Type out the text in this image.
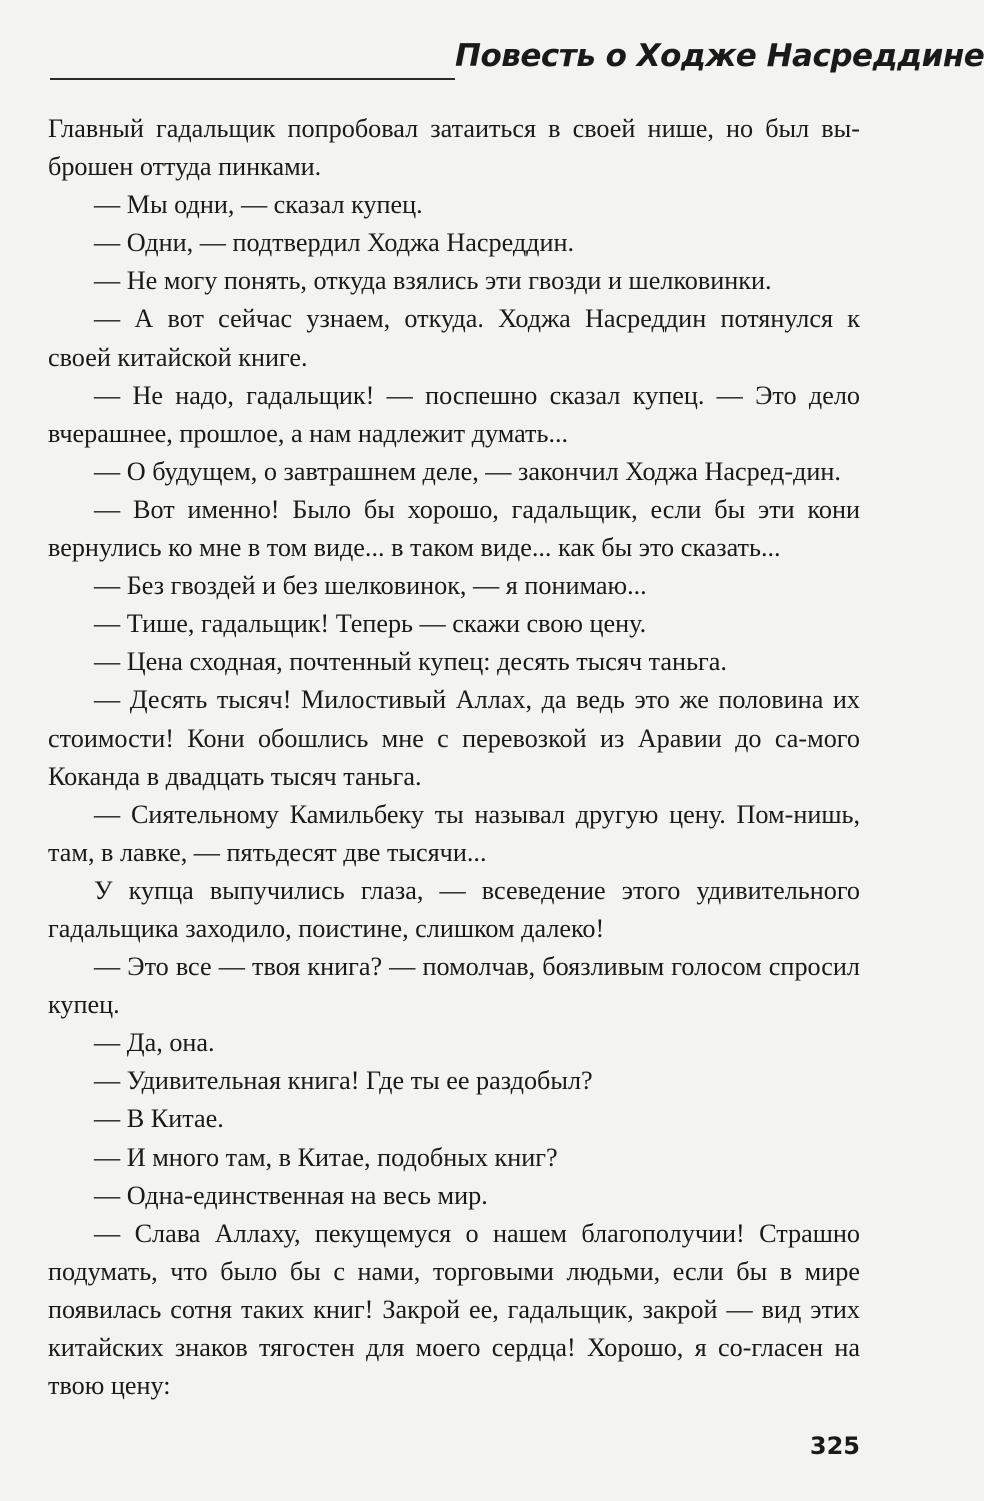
Повесть о Ходже Насреддине

Главный гадальщик попробовал затаиться в своей нише, но был вы-брошен оттуда пинками.

— Мы одни, — сказал купец.

— Одни, — подтвердил Ходжа Насреддин.

— Не могу понять, откуда взялись эти гвозди и шелковинки.

— А вот сейчас узнаем, откуда. Ходжа Насреддин потянулся к своей китайской книге.

— Не надо, гадальщик! — поспешно сказал купец. — Это дело вчерашнее, прошлое, а нам надлежит думать...

— О будущем, о завтрашнем деле, — закончил Ходжа Насред-дин.

— Вот именно! Было бы хорошо, гадальщик, если бы эти кони вернулись ко мне в том виде... в таком виде... как бы это сказать...

— Без гвоздей и без шелковинок, — я понимаю...

— Тише, гадальщик! Теперь — скажи свою цену.

— Цена сходная, почтенный купец: десять тысяч таньга.

— Десять тысяч! Милостивый Аллах, да ведь это же половина их стоимости! Кони обошлись мне с перевозкой из Аравии до са-мого Коканда в двадцать тысяч таньга.

— Сиятельному Камильбеку ты называл другую цену. Пом-нишь, там, в лавке, — пятьдесят две тысячи...

У купца выпучились глаза, — всеведение этого удивительного гадальщика заходило, поистине, слишком далеко!

— Это все — твоя книга? — помолчав, боязливым голосом спросил купец.

— Да, она.

— Удивительная книга! Где ты ее раздобыл?

— В Китае.

— И много там, в Китае, подобных книг?

— Одна-единственная на весь мир.

— Слава Аллаху, пекущемуся о нашем благополучии! Страшно подумать, что было бы с нами, торговыми людьми, если бы в мире появилась сотня таких книг! Закрой ее, гадальщик, закрой — вид этих китайских знаков тягостен для моего сердца! Хорошо, я со-гласен на твою цену:

325
